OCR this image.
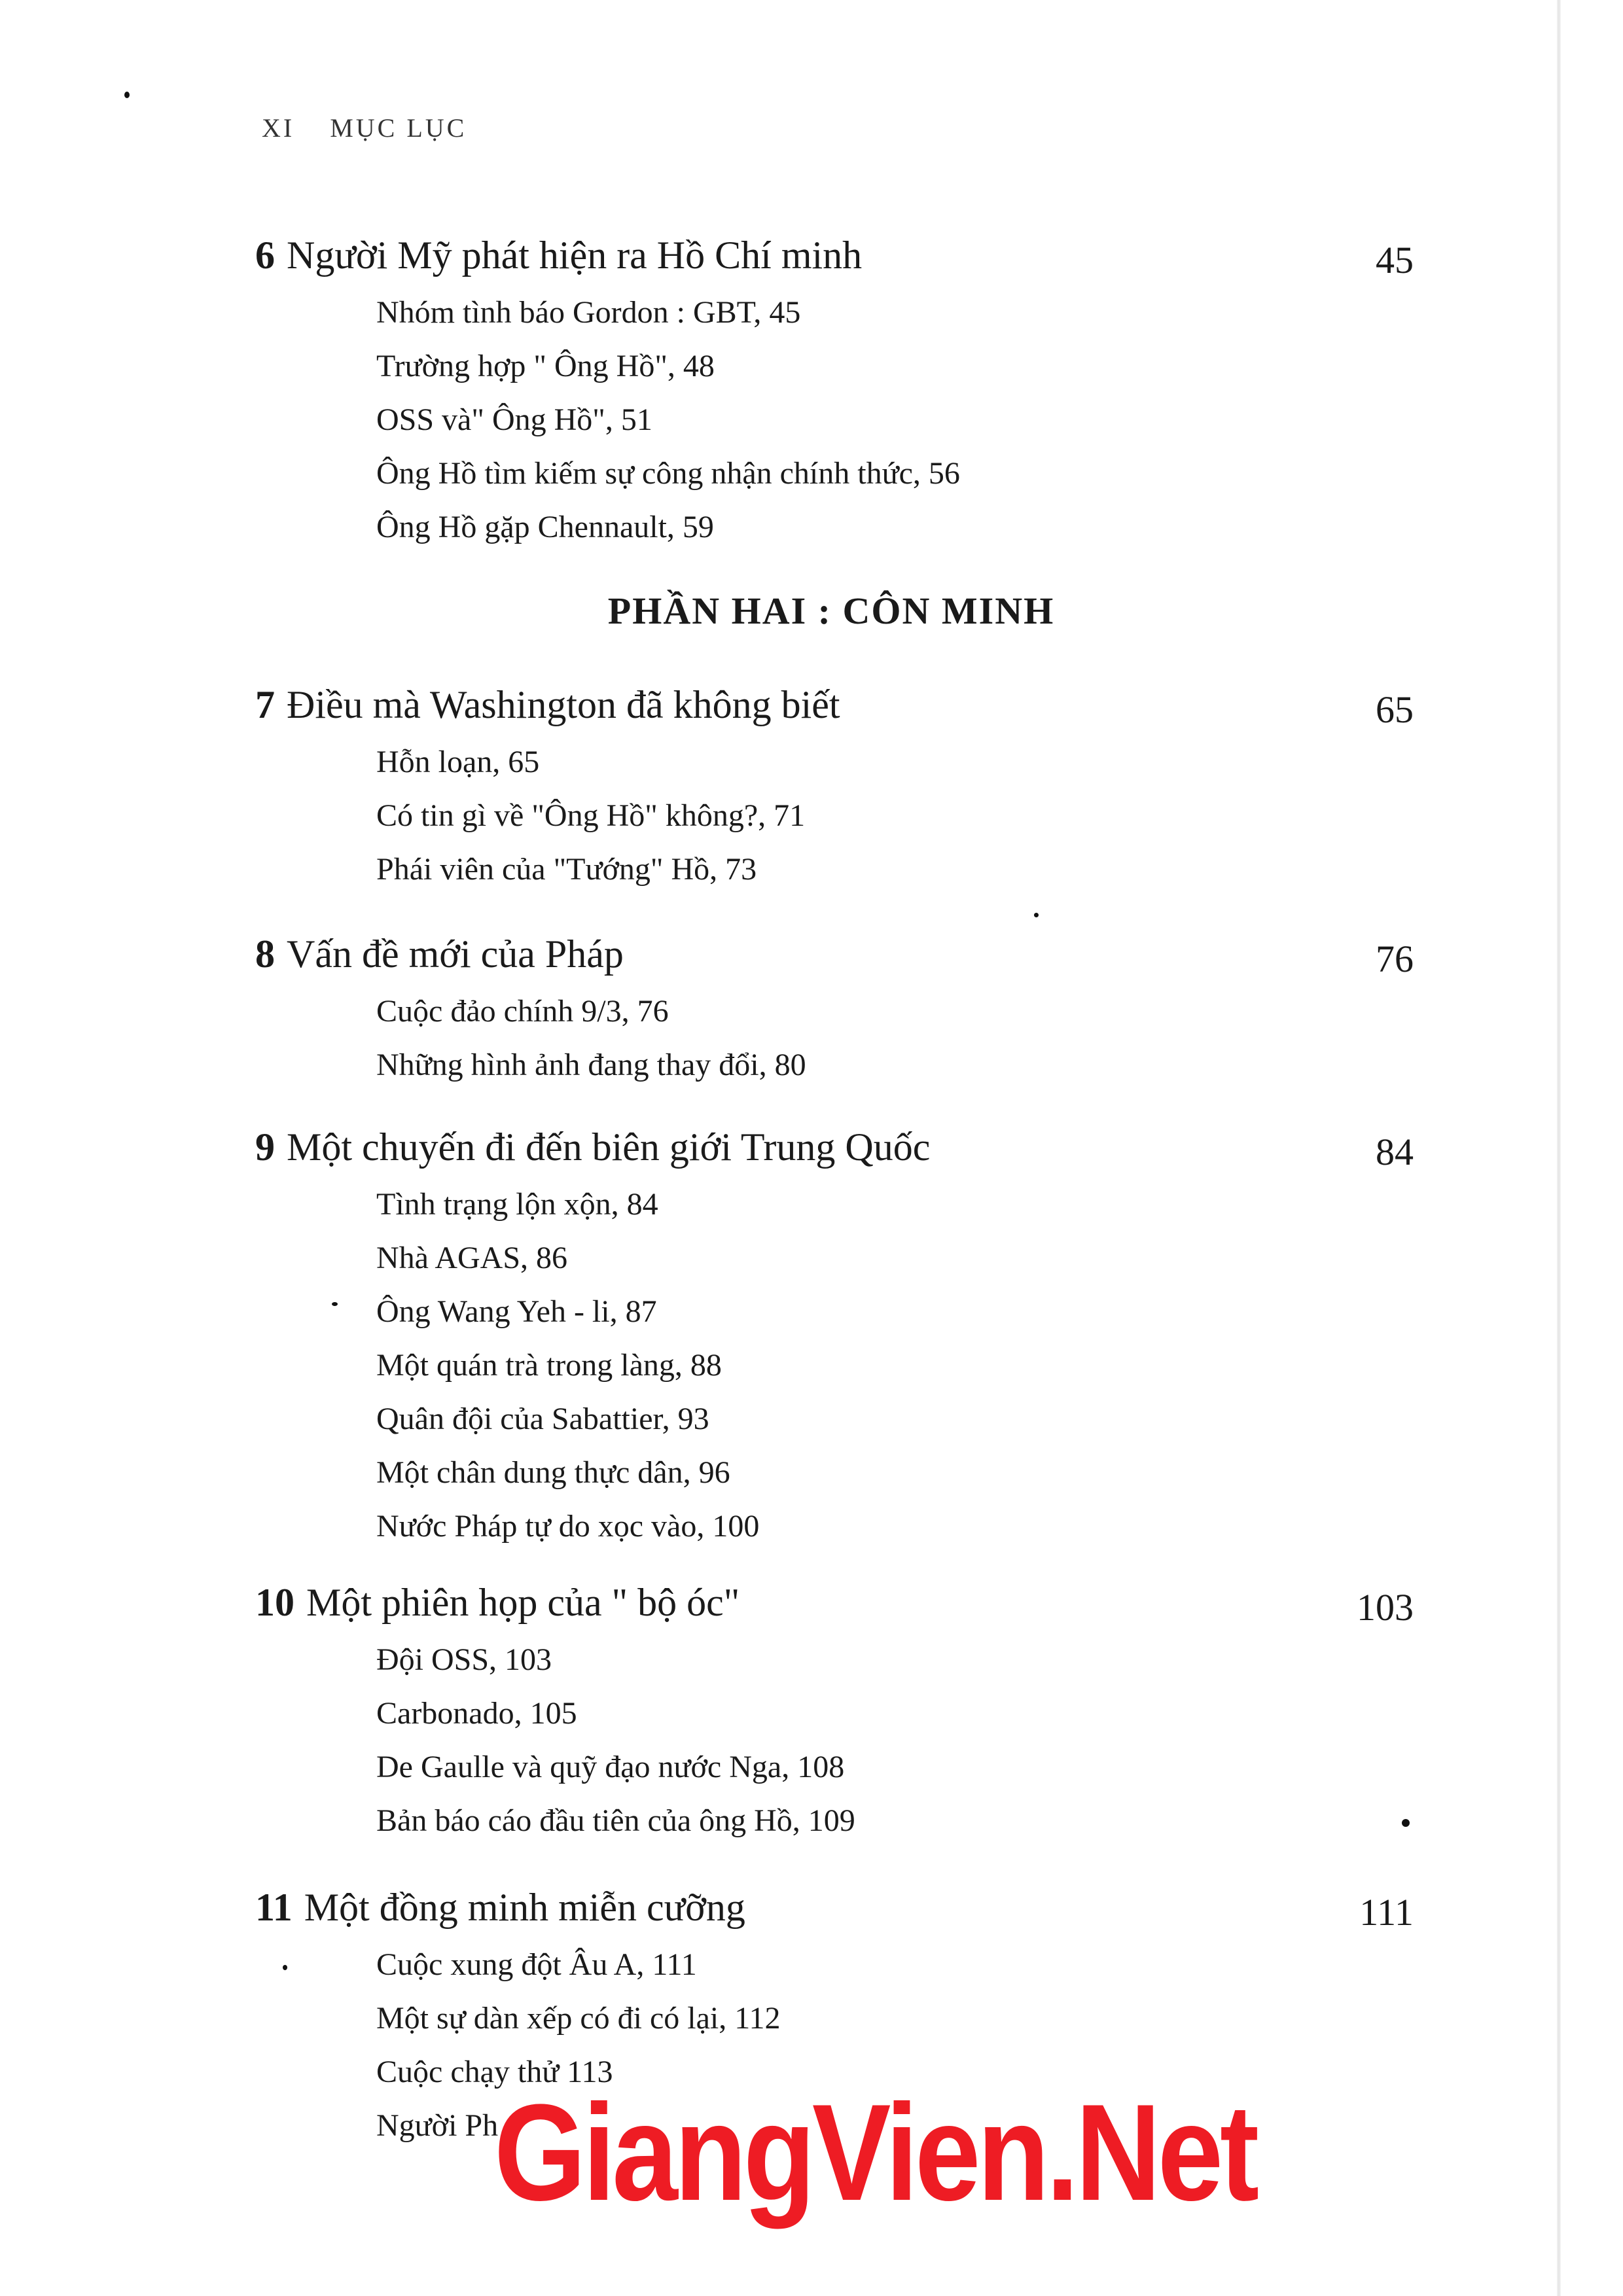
XI MỤC LỤC
6 Người Mỹ phát hiện ra Hồ Chí minh	45
Nhóm tình báo Gordon : GBT, 45
Trường hợp " Ông Hồ", 48
OSS và" Ông Hồ", 51
Ông Hồ tìm kiếm sự công nhận chính thức, 56
Ông Hồ gặp Chennault, 59
PHẦN HAI : CÔN MINH
7 Điều mà Washington đã không biết	65
Hỗn loạn, 65
Có tin gì về "Ông Hồ" không?, 71
Phái viên của "Tướng" Hồ, 73
8 Vấn đề mới của Pháp	76
Cuộc đảo chính 9/3, 76
Những hình ảnh đang thay đổi, 80
9 Một chuyến đi đến biên giới Trung Quốc	84
Tình trạng lộn xộn, 84
Nhà AGAS, 86
Ông Wang Yeh - li, 87
Một quán trà trong làng, 88
Quân đội của Sabattier, 93
Một chân dung thực dân, 96
Nước Pháp tự do xọc vào, 100
10 Một phiên họp của " bộ óc"	103
Đội OSS, 103
Carbonado, 105
De Gaulle và quỹ đạo nước Nga, 108
Bản báo cáo đầu tiên của ông Hồ, 109
11 Một đồng minh miễn cưỡng	111
Cuộc xung đột Âu A, 111
Một sự dàn xếp có đi có lại, 112
Cuộc chạy thử 113
Người Ph
GiangVien.Net
